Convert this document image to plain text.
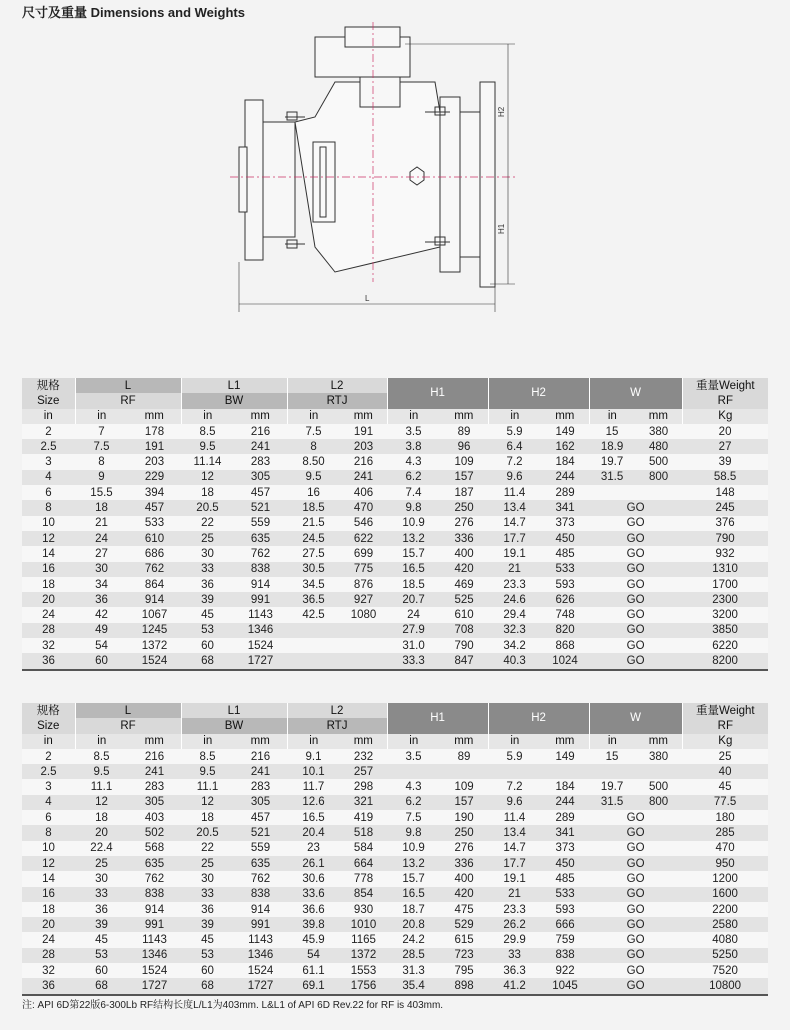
尺寸及重量 Dimensions and Weights
H2
H1
L
规格	L		L1		L2		H1		H2		W		重量Weight
Size	RF		BW		RTJ								RF
in	in	mm	in	mm	in	mm	in	mm	in	mm	in	mm	Kg
2	7	178	8.5	216	7.5	191	3.5	89	5.9	149	15	380	20
2.5	7.5	191	9.5	241	8	203	3.8	96	6.4	162	18.9	480	27
3	8	203	11.14	283	8.50	216	4.3	109	7.2	184	19.7	500	39
4	9	229	12	305	9.5	241	6.2	157	9.6	244	31.5	800	58.5
6	15.5	394	18	457	16	406	7.4	187	11.4	289			148
8	18	457	20.5	521	18.5	470	9.8	250	13.4	341	GO		245
10	21	533	22	559	21.5	546	10.9	276	14.7	373	GO		376
12	24	610	25	635	24.5	622	13.2	336	17.7	450	GO		790
14	27	686	30	762	27.5	699	15.7	400	19.1	485	GO		932
16	30	762	33	838	30.5	775	16.5	420	21	533	GO		1310
18	34	864	36	914	34.5	876	18.5	469	23.3	593	GO		1700
20	36	914	39	991	36.5	927	20.7	525	24.6	626	GO		2300
24	42	1067	45	1143	42.5	1080	24	610	29.4	748	GO		3200
28	49	1245	53	1346			27.9	708	32.3	820	GO		3850
32	54	1372	60	1524			31.0	790	34.2	868	GO		6220
36	60	1524	68	1727			33.3	847	40.3	1024	GO		8200
规格	L		L1		L2		H1		H2		W		重量Weight
Size	RF		BW		RTJ								RF
in	in	mm	in	mm	in	mm	in	mm	in	mm	in	mm	Kg
2	8.5	216	8.5	216	9.1	232	3.5	89	5.9	149	15	380	25
2.5	9.5	241	9.5	241	10.1	257							40
3	11.1	283	11.1	283	11.7	298	4.3	109	7.2	184	19.7	500	45
4	12	305	12	305	12.6	321	6.2	157	9.6	244	31.5	800	77.5
6	18	403	18	457	16.5	419	7.5	190	11.4	289	GO		180
8	20	502	20.5	521	20.4	518	9.8	250	13.4	341	GO		285
10	22.4	568	22	559	23	584	10.9	276	14.7	373	GO		470
12	25	635	25	635	26.1	664	13.2	336	17.7	450	GO		950
14	30	762	30	762	30.6	778	15.7	400	19.1	485	GO		1200
16	33	838	33	838	33.6	854	16.5	420	21	533	GO		1600
18	36	914	36	914	36.6	930	18.7	475	23.3	593	GO		2200
20	39	991	39	991	39.8	1010	20.8	529	26.2	666	GO		2580
24	45	1143	45	1143	45.9	1165	24.2	615	29.9	759	GO		4080
28	53	1346	53	1346	54	1372	28.5	723	33	838	GO		5250
32	60	1524	60	1524	61.1	1553	31.3	795	36.3	922	GO		7520
36	68	1727	68	1727	69.1	1756	35.4	898	41.2	1045	GO		10800
注: API 6D第22版6-300Lb RF结构长度L/L1为403mm. L&L1 of API 6D Rev.22 for RF is 403mm.
